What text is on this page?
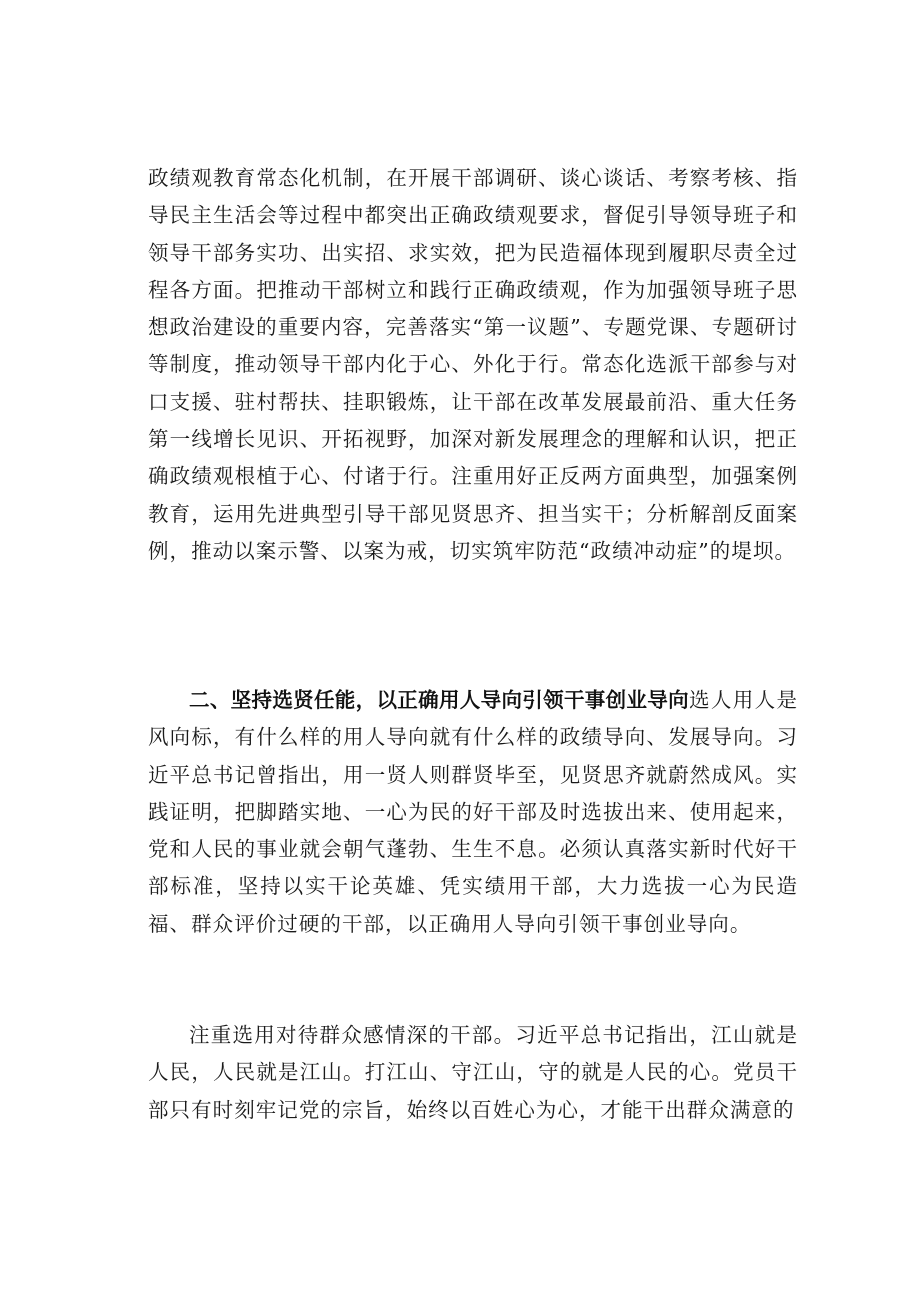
政绩观教育常态化机制，在开展干部调研、谈心谈话、考察考核、指导民主生活会等过程中都突出正确政绩观要求，督促引导领导班子和领导干部务实功、出实招、求实效，把为民造福体现到履职尽责全过程各方面。把推动干部树立和践行正确政绩观，作为加强领导班子思想政治建设的重要内容，完善落实“第一议题”、专题党课、专题研讨等制度，推动领导干部内化于心、外化于行。常态化选派干部参与对口支援、驻村帮扶、挂职锻炼，让干部在改革发展最前沿、重大任务第一线增长见识、开拓视野，加深对新发展理念的理解和认识，把正确政绩观根植于心、付诸于行。注重用好正反两方面典型，加强案例教育，运用先进典型引导干部见贤思齐、担当实干；分析解剖反面案例，推动以案示警、以案为戒，切实筑牢防范“政绩冲动症”的堤坝。

二、坚持选贤任能，以正确用人导向引领干事创业导向选人用人是风向标，有什么样的用人导向就有什么样的政绩导向、发展导向。习近平总书记曾指出，用一贤人则群贤毕至，见贤思齐就蔚然成风。实践证明，把脚踏实地、一心为民的好干部及时选拔出来、使用起来，党和人民的事业就会朝气蓬勃、生生不息。必须认真落实新时代好干部标准，坚持以实干论英雄、凭实绩用干部，大力选拔一心为民造福、群众评价过硬的干部，以正确用人导向引领干事创业导向。

注重选用对待群众感情深的干部。习近平总书记指出，江山就是人民，人民就是江山。打江山、守江山，守的就是人民的心。党员干部只有时刻牢记党的宗旨，始终以百姓心为心，才能干出群众满意的
